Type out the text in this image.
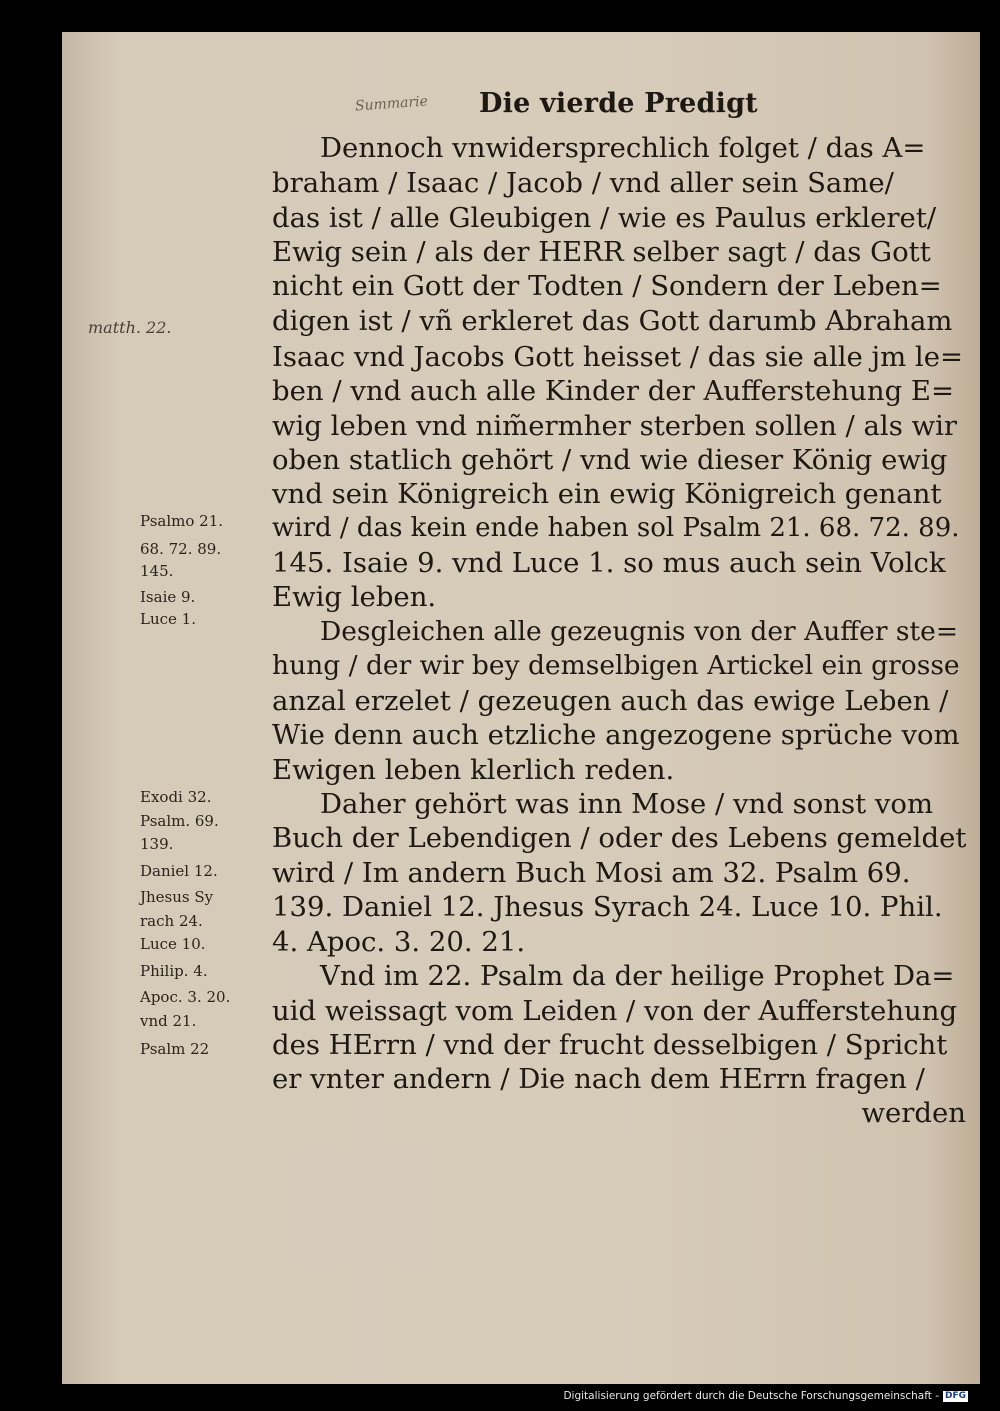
Summarie Die vierde Predigt
matth. 22.
Dennoch vnwidersprechlich folget / das A=
braham / Isaac / Jacob / vnd aller sein Same/
das ist / alle Gleubigen / wie es Paulus erkleret/
Ewig sein / als der HERR selber sagt / das Gott
nicht ein Gott der Todten / Sondern der Leben=
digen ist / vñ erkleret das Gott darumb Abraham
Isaac vnd Jacobs Gott heisset / das sie alle jm le=
ben / vnd auch alle Kinder der Aufferstehung E=
wig leben vnd nim̃ermher sterben sollen / als wir
oben statlich gehört / vnd wie dieser König ewig
vnd sein Königreich ein ewig Königreich genant
wird / das kein ende haben sol Psalm 21. 68. 72. 89.
145. Isaie 9. vnd Luce 1. so mus auch sein Volck
Ewig leben.
Desgleichen alle gezeugnis von der Auffer ste=
hung / der wir bey demselbigen Artickel ein grosse
anzal erzelet / gezeugen auch das ewige Leben /
Wie denn auch etzliche angezogene sprüche vom
Ewigen leben klerlich reden.
Daher gehört was inn Mose / vnd sonst vom
Buch der Lebendigen / oder des Lebens gemeldet
wird / Im andern Buch Mosi am 32. Psalm 69.
139. Daniel 12. Jhesus Syrach 24. Luce 10. Phil.
4. Apoc. 3. 20. 21.
Vnd im 22. Psalm da der heilige Prophet Da=
uid weissagt vom Leiden / von der Aufferstehung
des HErrn / vnd der frucht desselbigen / Spricht
er vnter andern / Die nach dem HErrn fragen /
werden
Psalmo 21.
68. 72. 89.
145.
Isaie 9.
Luce 1.
Exodi 32.
Psalm. 69.
139.
Daniel 12.
Jhesus Sy
rach 24.
Luce 10.
Philip. 4.
Apoc. 3. 20.
vnd 21.
Psalm 22
Digitalisierung gefördert durch die Deutsche Forschungsgemeinschaft - DFG
